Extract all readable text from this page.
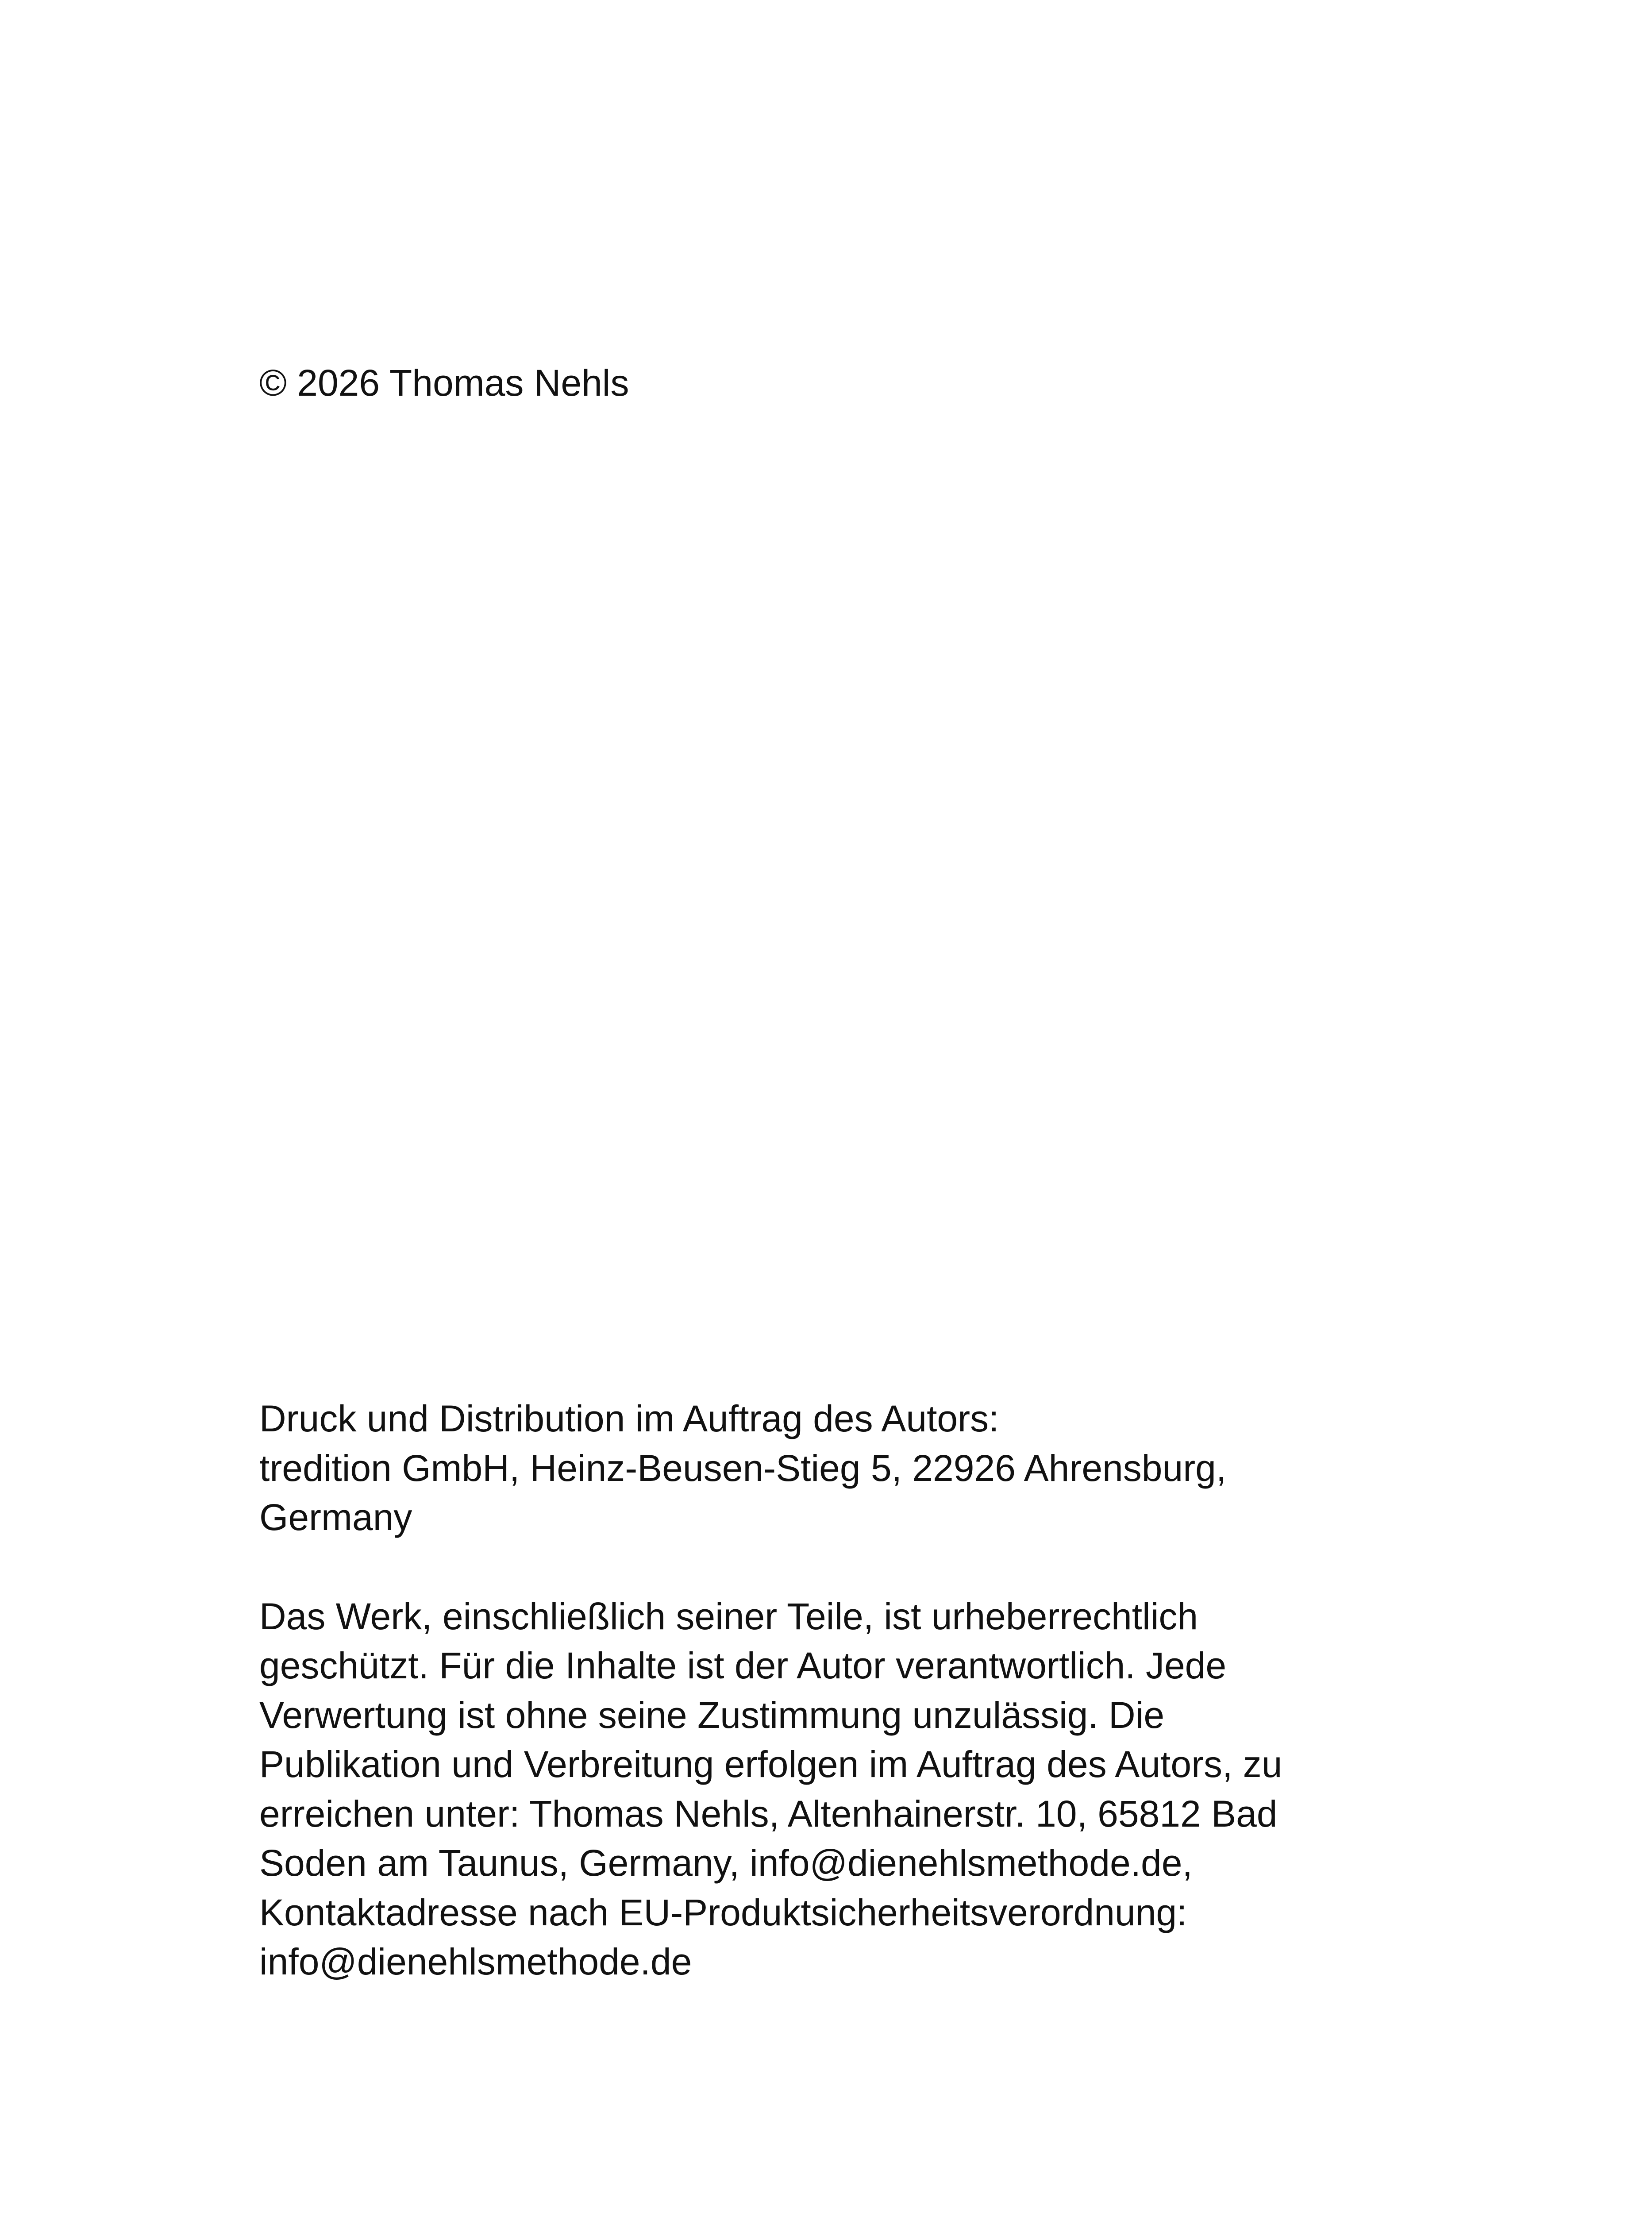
© 2026 Thomas Nehls
Druck und Distribution im Auftrag des Autors:
tredition GmbH, Heinz-Beusen-Stieg 5, 22926 Ahrensburg,
Germany
Das Werk, einschließlich seiner Teile, ist urheberrechtlich
geschützt. Für die Inhalte ist der Autor verantwortlich. Jede
Verwertung ist ohne seine Zustimmung unzulässig. Die
Publikation und Verbreitung erfolgen im Auftrag des Autors, zu
erreichen unter: Thomas Nehls, Altenhainerstr. 10, 65812 Bad
Soden am Taunus, Germany, info@dienehlsmethode.de,
Kontaktadresse nach EU-Produktsicherheitsverordnung:
info@dienehlsmethode.de
